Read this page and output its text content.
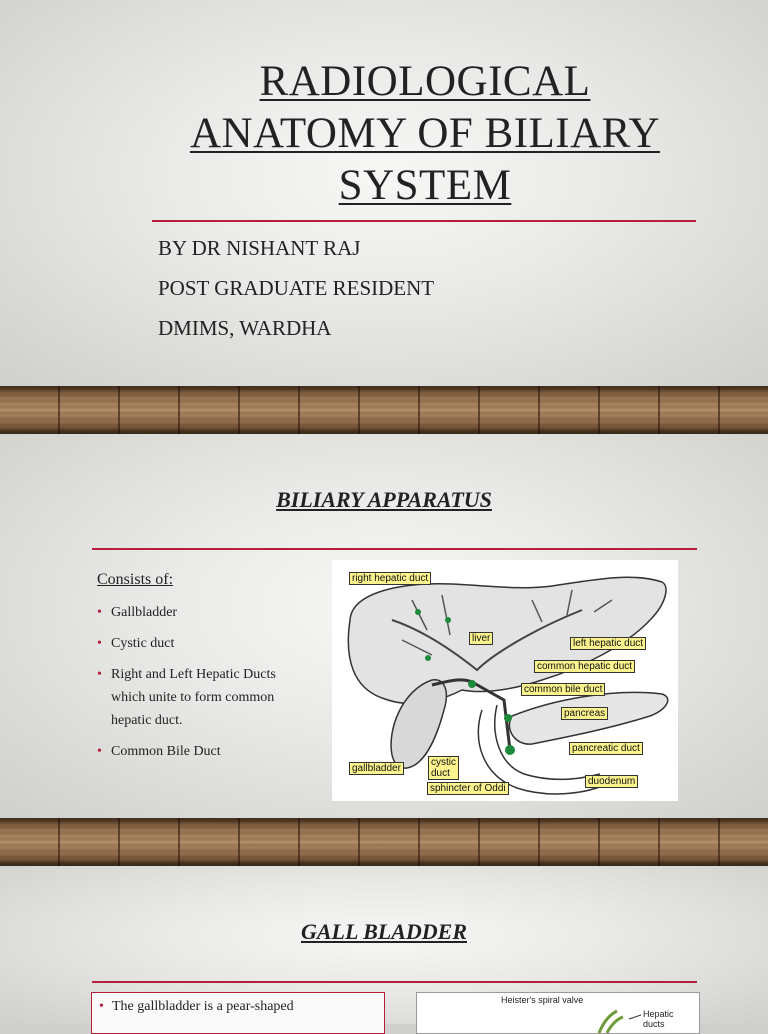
RADIOLOGICAL
ANATOMY OF BILIARY
SYSTEM

BY DR NISHANT RAJ

POST GRADUATE RESIDENT

DMIMS, WARDHA

BILIARY APPARATUS

Consists of:

• Gallbladder
• Cystic duct
• Right and Left Hepatic Ducts which unite to form common hepatic duct.
• Common Bile Duct
right hepatic duct
liver	left hepatic duct
common hepatic duct
common bile duct
pancreas
pancreatic duct
gallbladder
cystic
duct
sphincter of Oddi
duodenum
GALL BLADDER

• The gallbladder is a pear-shaped	Heister's spiral valve
Hepatic
ducts
